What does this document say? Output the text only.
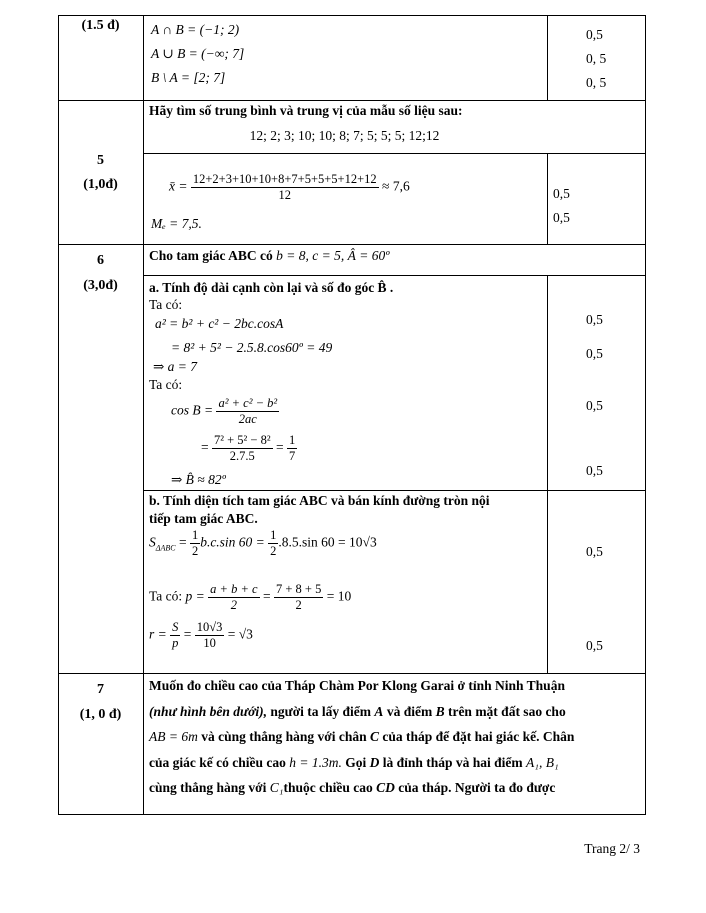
(1.5 đ)	A ∩ B = (−1; 2)
A ∪ B = (−∞; 7]
B \ A = [2; 7]
0,5
0, 5
0, 5
5
(1,0đ)
Hãy tìm số trung bình và trung vị của mẫu số liệu sau:
12; 2; 3; 10; 10; 8; 7; 5; 5; 5; 12;12
x̄ = $\frac{12+2+3+10+10+8+7+5+5+5+12+12}{12} \approx 7,6$
Mₑ = 7,5.
0,5
0,5
6
(3,0đ)
Cho tam giác ABC có b = 8, c = 5, Â = 60º
a. Tính độ dài cạnh còn lại và số đo góc B̂ .
Ta có:
a² = b² + c² − 2bc.cosA
= 8² + 5² − 2.5.8.cos60º = 49
⇒ a = 7
Ta có:
$\cos B = \frac{\text{a² + c² − b²}}{2ac}$
= $\frac{\text{7² + 5² − 8²}}{2.7.5} = \frac{1}{7}$
⇒ B̂ ≈ 82º
0,5
0,5
0,5
0,5
b. Tính diện tích tam giác ABC và bán kính đường tròn nội
tiếp tam giác ABC.
$S_{\Delta ABC} = \frac{1}{2} b.c.\sin$ $60 = \frac{1}{2} .8.5.\sin$ 60 = 10√3
Ta có: $p = \frac{a + b + c}{2} = \frac{7 + 8 + 5}{2} = 10$
$r = \frac{S}{p} = \frac{10√3}{10} = √3$
0,5
0,5
7
(1, 0 đ)
Muốn đo chiều cao của Tháp Chàm Por Klong Garai ở tỉnh Ninh Thuận
(như hình bên dưới), người ta lấy điểm A và điểm B trên mặt đất sao cho
AB = 6m và cùng thẳng hàng với chân C của tháp để đặt hai giác kế. Chân
của giác kế có chiều cao h = 1.3m. Gọi D là đỉnh tháp và hai điểm A₁, B₁
cùng thẳng hàng với C₁thuộc chiều cao CD của tháp. Người ta đo được
Trang 2/ 3
